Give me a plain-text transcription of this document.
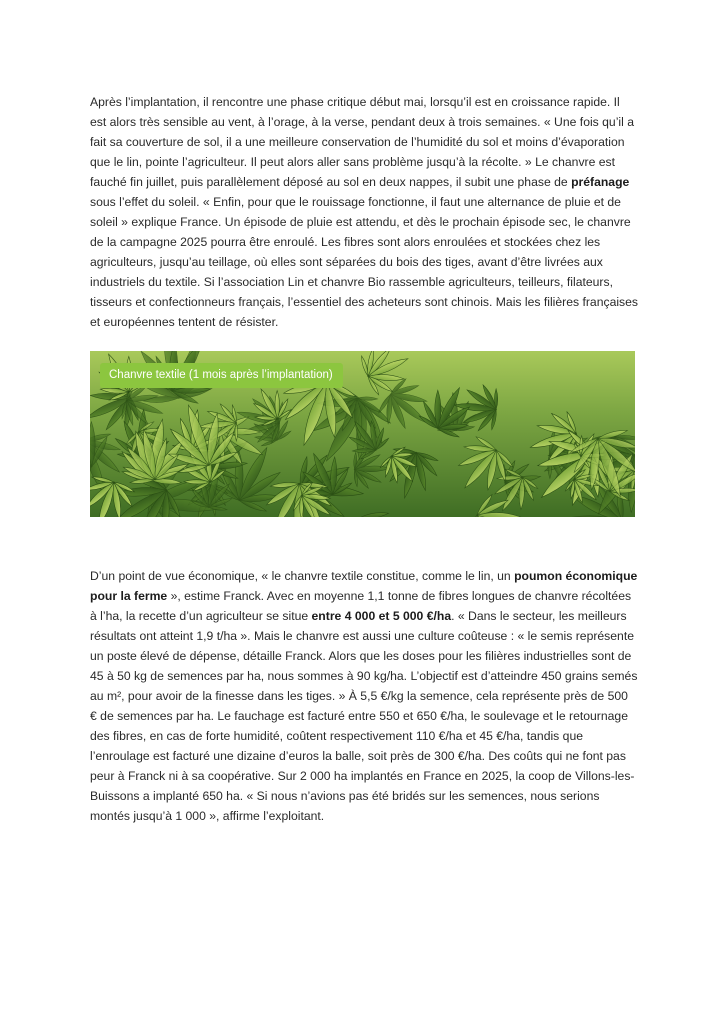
Après l’implantation, il rencontre une phase critique début mai, lorsqu’il est en croissance rapide. Il est alors très sensible au vent, à l’orage, à la verse, pendant deux à trois semaines. « Une fois qu’il a fait sa couverture de sol, il a une meilleure conservation de l’humidité du sol et moins d’évaporation que le lin, pointe l’agriculteur. Il peut alors aller sans problème jusqu’à la récolte. » Le chanvre est fauché fin juillet, puis parallèlement déposé au sol en deux nappes, il subit une phase de préfanage sous l’effet du soleil. « Enfin, pour que le rouissage fonctionne, il faut une alternance de pluie et de soleil » explique France. Un épisode de pluie est attendu, et dès le prochain épisode sec, le chanvre de la campagne 2025 pourra être enroulé. Les fibres sont alors enroulées et stockées chez les agriculteurs, jusqu’au teillage, où elles sont séparées du bois des tiges, avant d’être livrées aux industriels du textile. Si l’association Lin et chanvre Bio rassemble agriculteurs, teilleurs, filateurs, tisseurs et confectionneurs français, l’essentiel des acheteurs sont chinois. Mais les filières françaises et européennes tentent de résister.

Chanvre textile (1 mois après l’implantation)

D’un point de vue économique, « le chanvre textile constitue, comme le lin, un poumon économique pour la ferme », estime Franck. Avec en moyenne 1,1 tonne de fibres longues de chanvre récoltées à l’ha, la recette d’un agriculteur se situe entre 4 000 et 5 000 €/ha. « Dans le secteur, les meilleurs résultats ont atteint 1,9 t/ha ». Mais le chanvre est aussi une culture coûteuse : « le semis représente un poste élevé de dépense, détaille Franck. Alors que les doses pour les filières industrielles sont de 45 à 50 kg de semences par ha, nous sommes à 90 kg/ha. L’objectif est d’atteindre 450 grains semés au m², pour avoir de la finesse dans les tiges. » À 5,5 €/kg la semence, cela représente près de 500 € de semences par ha. Le fauchage est facturé entre 550 et 650 €/ha, le soulevage et le retournage des fibres, en cas de forte humidité, coûtent respectivement 110 €/ha et 45 €/ha, tandis que l’enroulage est facturé une dizaine d’euros la balle, soit près de 300 €/ha. Des coûts qui ne font pas peur à Franck ni à sa coopérative. Sur 2 000 ha implantés en France en 2025, la coop de Villons-les-Buissons a implanté 650 ha. « Si nous n’avions pas été bridés sur les semences, nous serions montés jusqu’à 1 000 », affirme l’exploitant.
